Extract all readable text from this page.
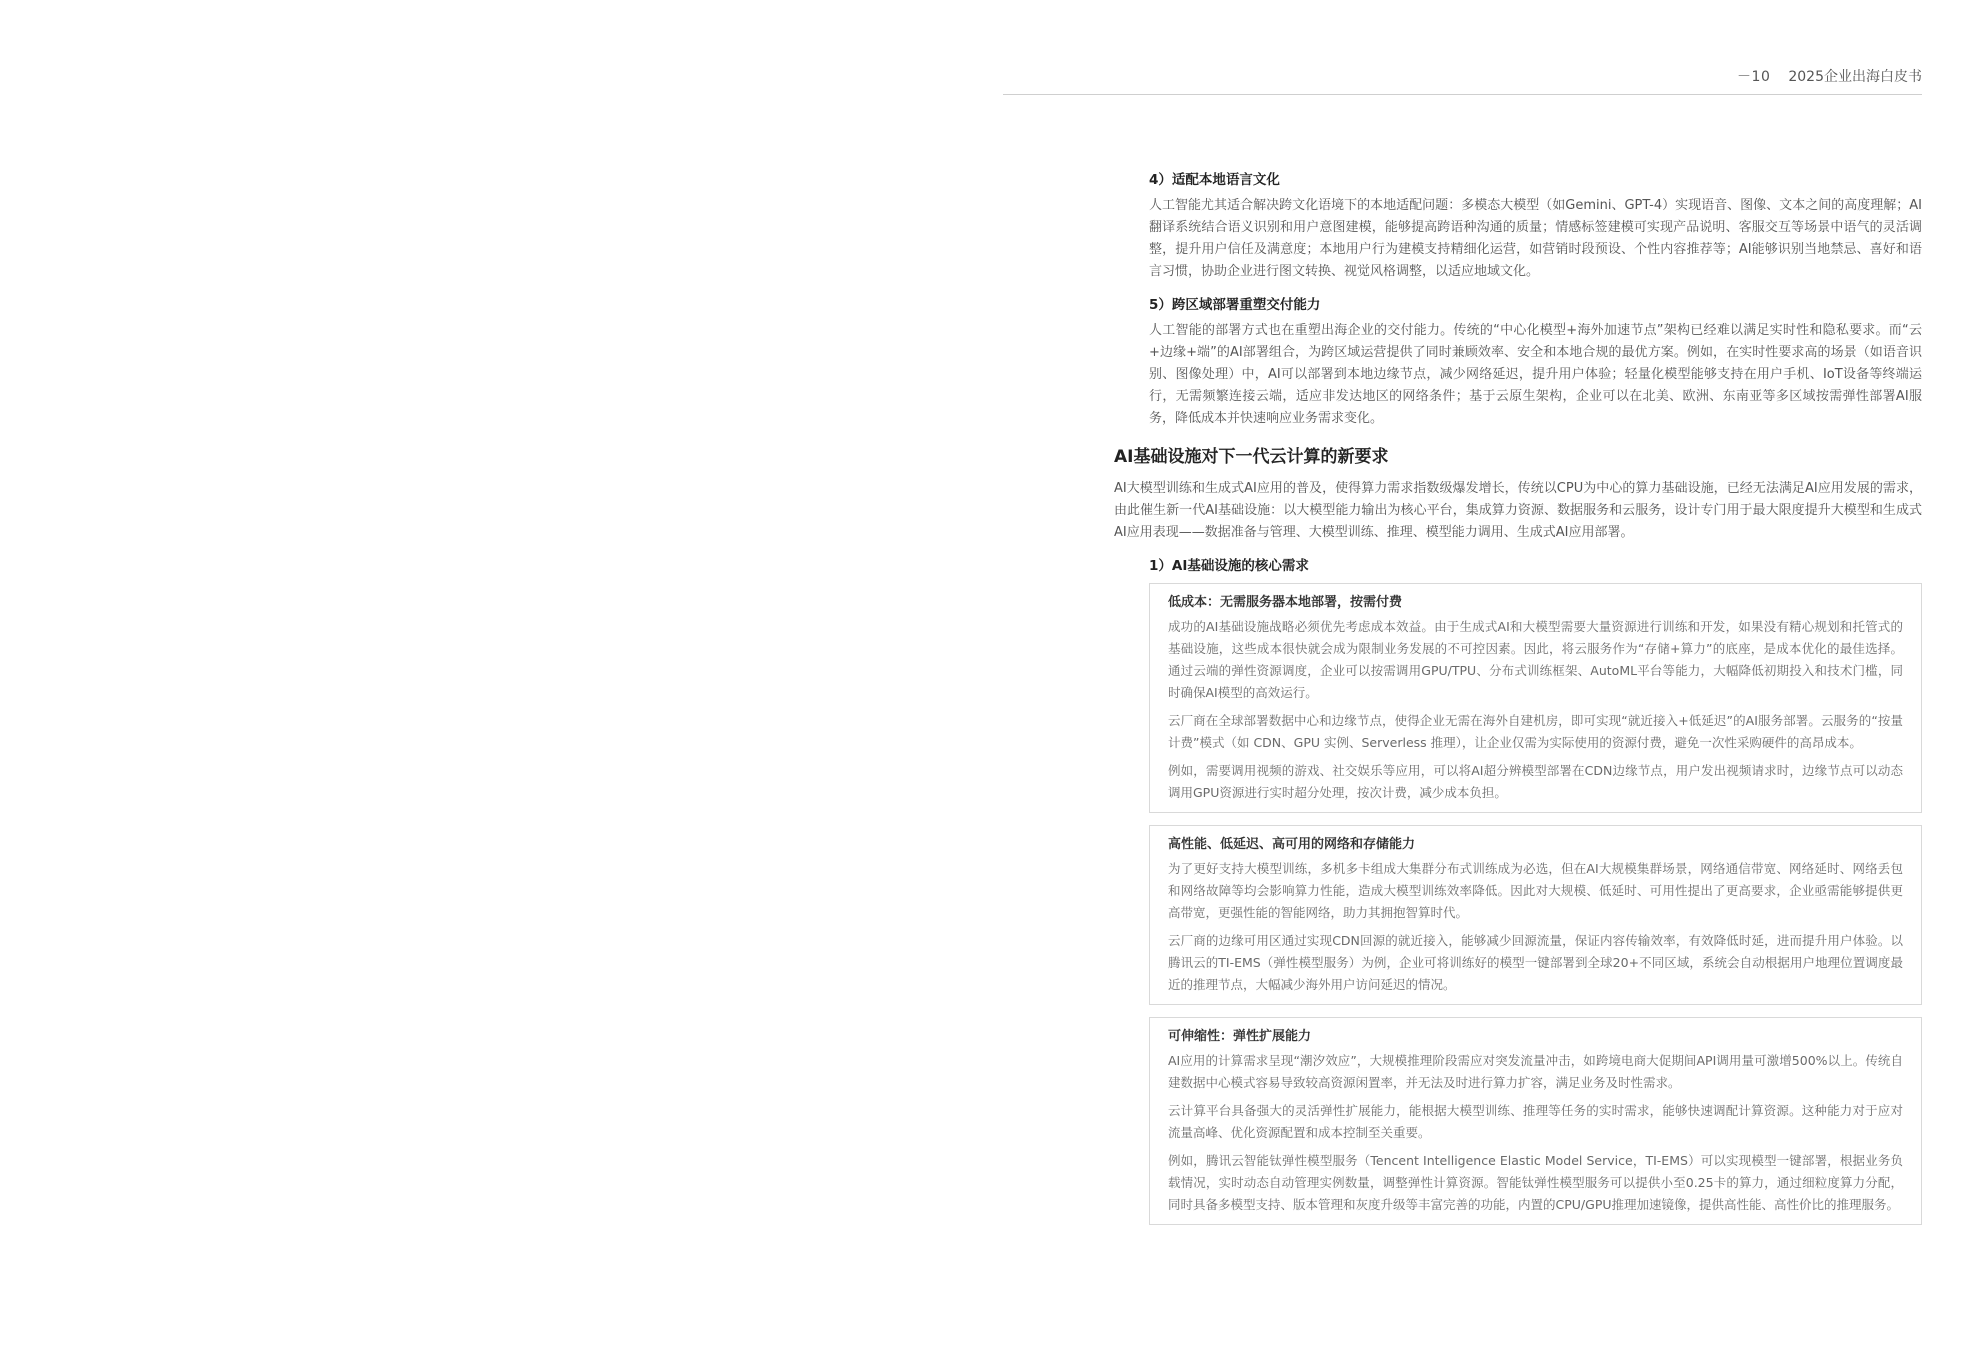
－10 2025企业出海白皮书
4）适配本地语言文化

人工智能尤其适合解决跨文化语境下的本地适配问题：多模态大模型（如Gemini、GPT-4）实现语音、图像、文本之间的高度理解；AI翻译系统结合语义识别和用户意图建模，能够提高跨语种沟通的质量；情感标签建模可实现产品说明、客服交互等场景中语气的灵活调整，提升用户信任及满意度；本地用户行为建模支持精细化运营，如营销时段预设、个性内容推荐等；AI能够识别当地禁忌、喜好和语言习惯，协助企业进行图文转换、视觉风格调整，以适应地域文化。

5）跨区域部署重塑交付能力

人工智能的部署方式也在重塑出海企业的交付能力。传统的“中心化模型+海外加速节点”架构已经难以满足实时性和隐私要求。而“云+边缘+端”的AI部署组合，为跨区域运营提供了同时兼顾效率、安全和本地合规的最优方案。例如，在实时性要求高的场景（如语音识别、图像处理）中，AI可以部署到本地边缘节点，减少网络延迟，提升用户体验；轻量化模型能够支持在用户手机、IoT设备等终端运行，无需频繁连接云端，适应非发达地区的网络条件；基于云原生架构，企业可以在北美、欧洲、东南亚等多区域按需弹性部署AI服务，降低成本并快速响应业务需求变化。

AI基础设施对下一代云计算的新要求

AI大模型训练和生成式AI应用的普及，使得算力需求指数级爆发增长，传统以CPU为中心的算力基础设施，已经无法满足AI应用发展的需求，由此催生新一代AI基础设施：以大模型能力输出为核心平台，集成算力资源、数据服务和云服务，设计专门用于最大限度提升大模型和生成式AI应用表现——数据准备与管理、大模型训练、推理、模型能力调用、生成式AI应用部署。

1）AI基础设施的核心需求
低成本：无需服务器本地部署，按需付费

成功的AI基础设施战略必须优先考虑成本效益。由于生成式AI和大模型需要大量资源进行训练和开发，如果没有精心规划和托管式的基础设施，这些成本很快就会成为限制业务发展的不可控因素。因此，将云服务作为“存储+算力”的底座，是成本优化的最佳选择。通过云端的弹性资源调度，企业可以按需调用GPU/TPU、分布式训练框架、AutoML平台等能力，大幅降低初期投入和技术门槛，同时确保AI模型的高效运行。

云厂商在全球部署数据中心和边缘节点，使得企业无需在海外自建机房，即可实现“就近接入+低延迟”的AI服务部署。云服务的“按量计费”模式（如 CDN、GPU 实例、Serverless 推理），让企业仅需为实际使用的资源付费，避免一次性采购硬件的高昂成本。

例如，需要调用视频的游戏、社交娱乐等应用，可以将AI超分辨模型部署在CDN边缘节点，用户发出视频请求时，边缘节点可以动态调用GPU资源进行实时超分处理，按次计费，减少成本负担。

高性能、低延迟、高可用的网络和存储能力

为了更好支持大模型训练，多机多卡组成大集群分布式训练成为必选，但在AI大规模集群场景，网络通信带宽、网络延时、网络丢包和网络故障等均会影响算力性能，造成大模型训练效率降低。因此对大规模、低延时、可用性提出了更高要求，企业亟需能够提供更高带宽，更强性能的智能网络，助力其拥抱智算时代。

云厂商的边缘可用区通过实现CDN回源的就近接入，能够减少回源流量，保证内容传输效率，有效降低时延，进而提升用户体验。以腾讯云的TI-EMS（弹性模型服务）为例，企业可将训练好的模型一键部署到全球20+不同区域，系统会自动根据用户地理位置调度最近的推理节点，大幅减少海外用户访问延迟的情况。

可伸缩性：弹性扩展能力

AI应用的计算需求呈现“潮汐效应”，大规模推理阶段需应对突发流量冲击，如跨境电商大促期间API调用量可激增500%以上。传统自建数据中心模式容易导致较高资源闲置率，并无法及时进行算力扩容，满足业务及时性需求。

云计算平台具备强大的灵活弹性扩展能力，能根据大模型训练、推理等任务的实时需求，能够快速调配计算资源。这种能力对于应对流量高峰、优化资源配置和成本控制至关重要。

例如，腾讯云智能钛弹性模型服务（Tencent Intelligence Elastic Model Service，TI-EMS）可以实现模型一键部署，根据业务负载情况，实时动态自动管理实例数量，调整弹性计算资源。智能钛弹性模型服务可以提供小至0.25卡的算力，通过细粒度算力分配，同时具备多模型支持、版本管理和灰度升级等丰富完善的功能，内置的CPU/GPU推理加速镜像，提供高性能、高性价比的推理服务。
